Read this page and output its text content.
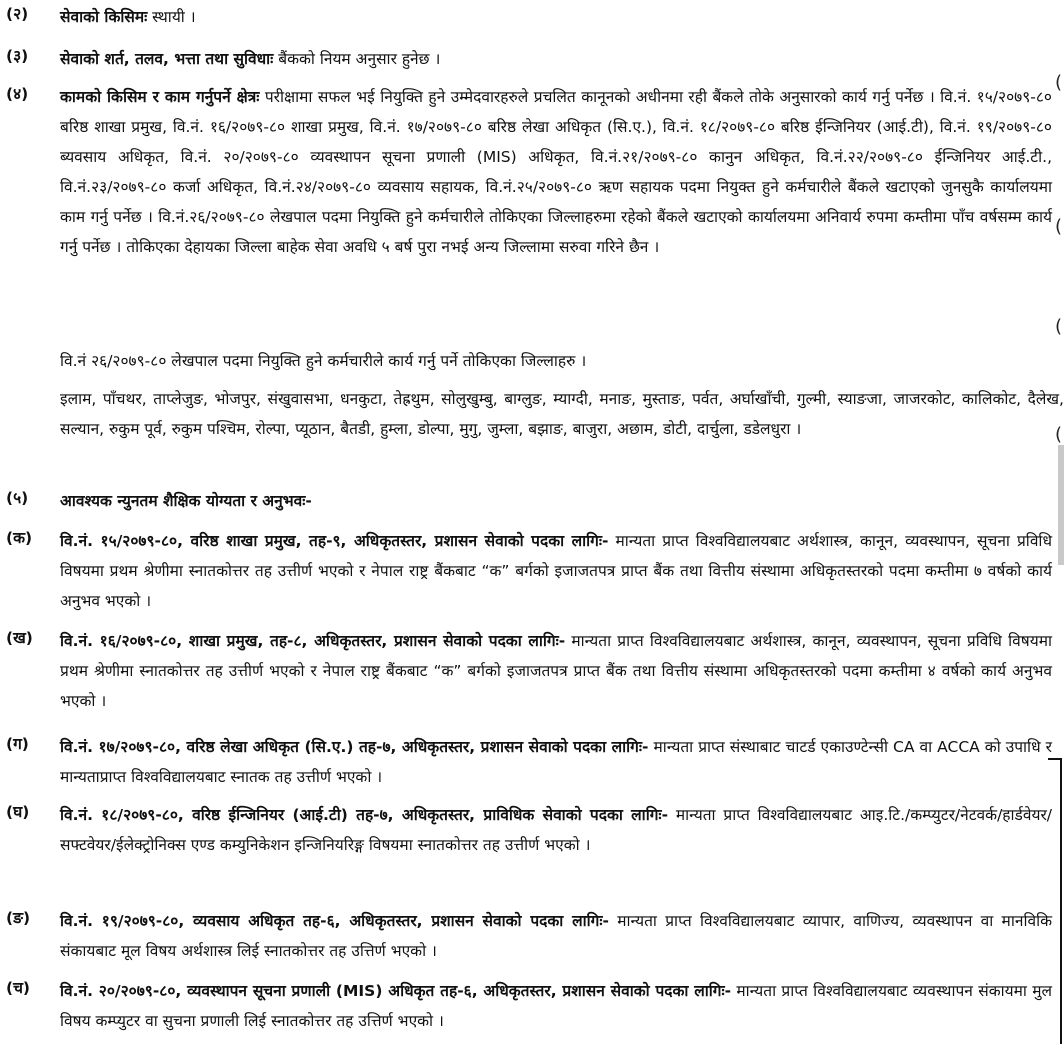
(२) सेवाको किसिमः स्थायी ।
(३) सेवाको शर्त, तलव, भत्ता तथा सुविधाः बैंकको नियम अनुसार हुनेछ ।
(४) कामको किसिम र काम गर्नुपर्ने क्षेत्रः परीक्षामा सफल भई नियुक्ति हुने उम्मेदवारहरुले प्रचलित कानूनको अधीनमा रही बैंकले तोके अनुसारको कार्य गर्नु पर्नेछ । वि.नं. १५/२०७९-८० बरिष्ठ शाखा प्रमुख, वि.नं. १६/२०७९-८० शाखा प्रमुख, वि.नं. १७/२०७९-८० बरिष्ठ लेखा अधिकृत (सि.ए.), वि.नं. १८/२०७९-८० बरिष्ठ ईन्जिनियर (आई.टी), वि.नं. १९/२०७९-८० ब्यवसाय अधिकृत, वि.नं. २०/२०७९-८० व्यवस्थापन सूचना प्रणाली (MIS) अधिकृत, वि.नं.२१/२०७९-८० कानुन अधिकृत, वि.नं.२२/२०७९-८० ईन्जिनियर आई.टी., वि.नं.२३/२०७९-८० कर्जा अधिकृत, वि.नं.२४/२०७९-८० व्यवसाय सहायक, वि.नं.२५/२०७९-८० ऋण सहायक पदमा नियुक्त हुने कर्मचारीले बैंकले खटाएको जुनसुकै कार्यालयमा काम गर्नु पर्नेछ । वि.नं.२६/२०७९-८० लेखपाल पदमा नियुक्ति हुने कर्मचारीले तोकिएका जिल्लाहरुमा रहेको बैंकले खटाएको कार्यालयमा अनिवार्य रुपमा कम्तीमा पाँच वर्षसम्म कार्य गर्नु पर्नेछ । तोकिएका देहायका जिल्ला बाहेक सेवा अवधि ५ बर्ष पुरा नभई अन्य जिल्लामा सरुवा गरिने छैन ।
वि.नं २६/२०७९-८० लेखपाल पदमा नियुक्ति हुने कर्मचारीले कार्य गर्नु पर्ने तोकिएका जिल्लाहरु ।
इलाम, पाँचथर, ताप्लेजुङ, भोजपुर, संखुवासभा, धनकुटा, तेह्रथुम, सोलुखुम्बु, बाग्लुङ, म्याग्दी, मनाङ, मुस्ताङ, पर्वत, अर्घाखाँची, गुल्मी, स्याङजा, जाजरकोट, कालिकोट, दैलेख, सल्यान, रुकुम पूर्व, रुकुम पश्चिम, रोल्पा, प्यूठान, बैतडी, हुम्ला, डोल्पा, मुगु, जुम्ला, बझाङ, बाजुरा, अछाम, डोटी, दार्चुला, डडेलधुरा ।
(५) आवश्यक न्युनतम शैक्षिक योग्यता र अनुभवः-
(क) वि.नं. १५/२०७९-८०, वरिष्ठ शाखा प्रमुख, तह-९, अधिकृतस्तर, प्रशासन सेवाको पदका लागिः- मान्यता प्राप्त विश्वविद्यालयबाट अर्थशास्त्र, कानून, व्यवस्थापन, सूचना प्रविधि विषयमा प्रथम श्रेणीमा स्नातकोत्तर तह उत्तीर्ण भएको र नेपाल राष्ट्र बैंकबाट “क” बर्गको इजाजतपत्र प्राप्त बैंक तथा वित्तीय संस्थामा अधिकृतस्तरको पदमा कम्तीमा ७ वर्षको कार्य अनुभव भएको ।
(ख) वि.नं. १६/२०७९-८०, शाखा प्रमुख, तह-८, अधिकृतस्तर, प्रशासन सेवाको पदका लागिः- मान्यता प्राप्त विश्वविद्यालयबाट अर्थशास्त्र, कानून, व्यवस्थापन, सूचना प्रविधि विषयमा प्रथम श्रेणीमा स्नातकोत्तर तह उत्तीर्ण भएको र नेपाल राष्ट्र बैंकबाट “क” बर्गको इजाजतपत्र प्राप्त बैंक तथा वित्तीय संस्थामा अधिकृतस्तरको पदमा कम्तीमा ४ वर्षको कार्य अनुभव भएको ।
(ग) वि.नं. १७/२०७९-८०, वरिष्ठ लेखा अधिकृत (सि.ए.) तह-७, अधिकृतस्तर, प्रशासन सेवाको पदका लागिः- मान्यता प्राप्त संस्थाबाट चाटर्ड एकाउण्टेन्सी CA वा ACCA को उपाधि र मान्यताप्राप्त विश्वविद्यालयबाट स्नातक तह उत्तीर्ण भएको ।
(घ) वि.नं. १८/२०७९-८०, वरिष्ठ ईन्जिनियर (आई.टी) तह-७, अधिकृतस्तर, प्राविधिक सेवाको पदका लागिः- मान्यता प्राप्त विश्वविद्यालयबाट आइ.टि./कम्प्युटर/नेटवर्क/हार्डवेयर/ सफ्टवेयर/ईलेक्ट्रोनिक्स एण्ड कम्युनिकेशन इन्जिनियरिङ्ग विषयमा स्नातकोत्तर तह उत्तीर्ण भएको ।
(ङ) वि.नं. १९/२०७९-८०, व्यवसाय अधिकृत तह-६, अधिकृतस्तर, प्रशासन सेवाको पदका लागिः- मान्यता प्राप्त विश्वविद्यालयबाट व्यापार, वाणिज्य, व्यवस्थापन वा मानविकि संकायबाट मूल विषय अर्थशास्त्र लिई स्नातकोत्तर तह उत्तिर्ण भएको ।
(च) वि.नं. २०/२०७९-८०, व्यवस्थापन सूचना प्रणाली (MIS) अधिकृत तह-६, अधिकृतस्तर, प्रशासन सेवाको पदका लागिः- मान्यता प्राप्त विश्वविद्यालयबाट व्यवस्थापन संकायमा मुल विषय कम्प्युटर वा सुचना प्रणाली लिई स्नातकोत्तर तह उत्तिर्ण भएको ।
(
(
(
(
